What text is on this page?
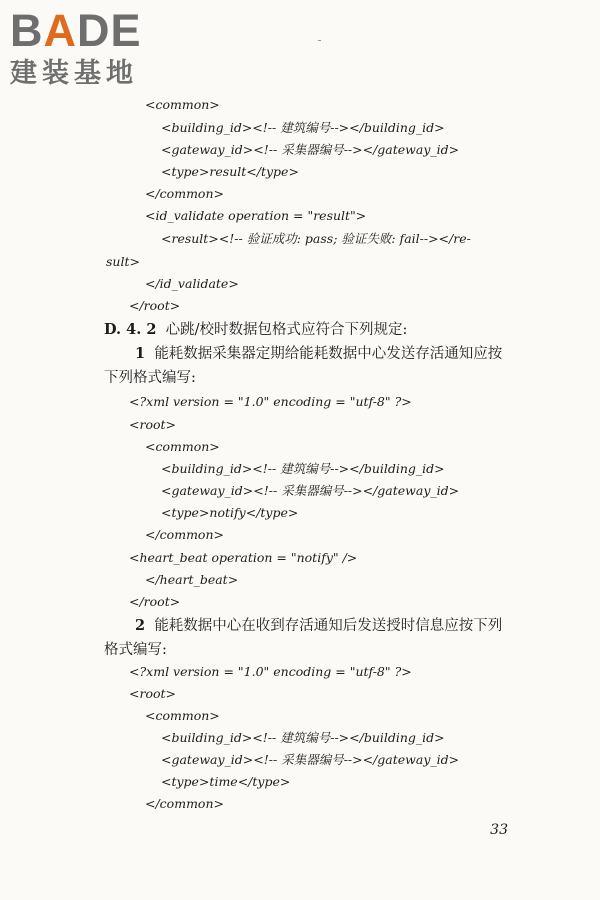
BADE
建装基地
<common>
<building_id><!-- 建筑编号--></building_id>
<gateway_id><!-- 采集器编号--></gateway_id>
<type>result</type>
</common>
<id_validate operation = "result">
<result><!-- 验证成功: pass; 验证失败: fail--></re-
sult>
</id_validate>
</root>
D. 4. 2 心跳/校时数据包格式应符合下列规定:
1 能耗数据采集器定期给能耗数据中心发送存活通知应按
下列格式编写:
<?xml version = "1.0" encoding = "utf-8" ?>
<root>
<common>
<building_id><!-- 建筑编号--></building_id>
<gateway_id><!-- 采集器编号--></gateway_id>
<type>notify</type>
</common>
<heart_beat operation = "notify" />
</heart_beat>
</root>
2 能耗数据中心在收到存活通知后发送授时信息应按下列
格式编写:
<?xml version = "1.0" encoding = "utf-8" ?>
<root>
<common>
<building_id><!-- 建筑编号--></building_id>
<gateway_id><!-- 采集器编号--></gateway_id>
<type>time</type>
</common>
33
